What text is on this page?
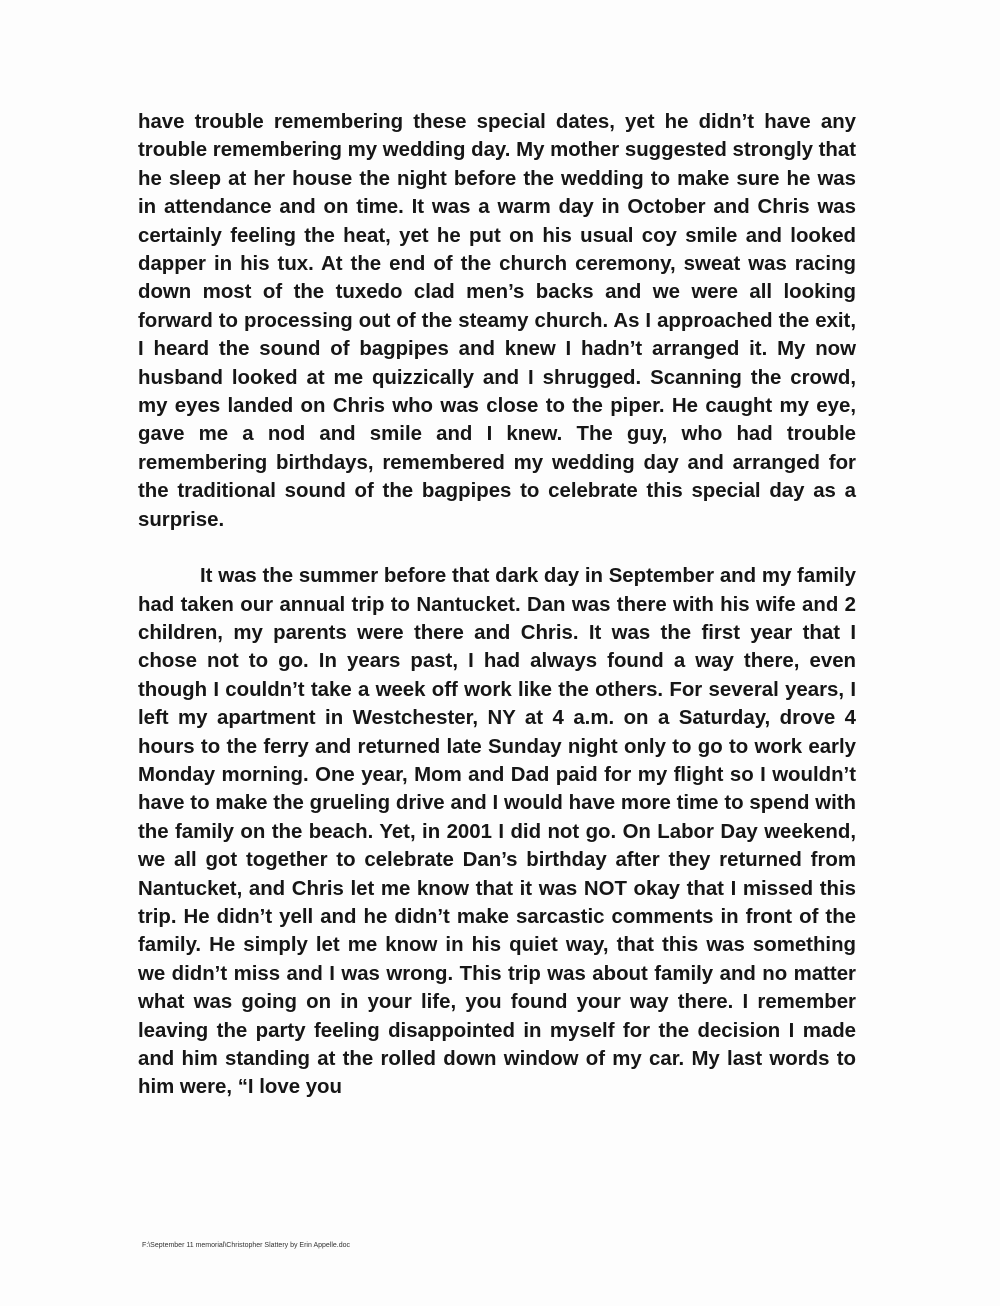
have trouble remembering these special dates, yet he didn’t have any trouble remembering my wedding day. My mother suggested strongly that he sleep at her house the night before the wedding to make sure he was in attendance and on time. It was a warm day in October and Chris was certainly feeling the heat, yet he put on his usual coy smile and looked dapper in his tux. At the end of the church ceremony, sweat was racing down most of the tuxedo clad men’s backs and we were all looking forward to processing out of the steamy church. As I approached the exit, I heard the sound of bagpipes and knew I hadn’t arranged it. My now husband looked at me quizzically and I shrugged. Scanning the crowd, my eyes landed on Chris who was close to the piper. He caught my eye, gave me a nod and smile and I knew. The guy, who had trouble remembering birthdays, remembered my wedding day and arranged for the traditional sound of the bagpipes to celebrate this special day as a surprise.

It was the summer before that dark day in September and my family had taken our annual trip to Nantucket. Dan was there with his wife and 2 children, my parents were there and Chris. It was the first year that I chose not to go. In years past, I had always found a way there, even though I couldn’t take a week off work like the others. For several years, I left my apartment in Westchester, NY at 4 a.m. on a Saturday, drove 4 hours to the ferry and returned late Sunday night only to go to work early Monday morning. One year, Mom and Dad paid for my flight so I wouldn’t have to make the grueling drive and I would have more time to spend with the family on the beach. Yet, in 2001 I did not go. On Labor Day weekend, we all got together to celebrate Dan’s birthday after they returned from Nantucket, and Chris let me know that it was NOT okay that I missed this trip. He didn’t yell and he didn’t make sarcastic comments in front of the family. He simply let me know in his quiet way, that this was something we didn’t miss and I was wrong. This trip was about family and no matter what was going on in your life, you found your way there. I remember leaving the party feeling disappointed in myself for the decision I made and him standing at the rolled down window of my car. My last words to him were, “I love you

F:\September 11 memorial\Christopher Slattery by Erin Appelle.doc
